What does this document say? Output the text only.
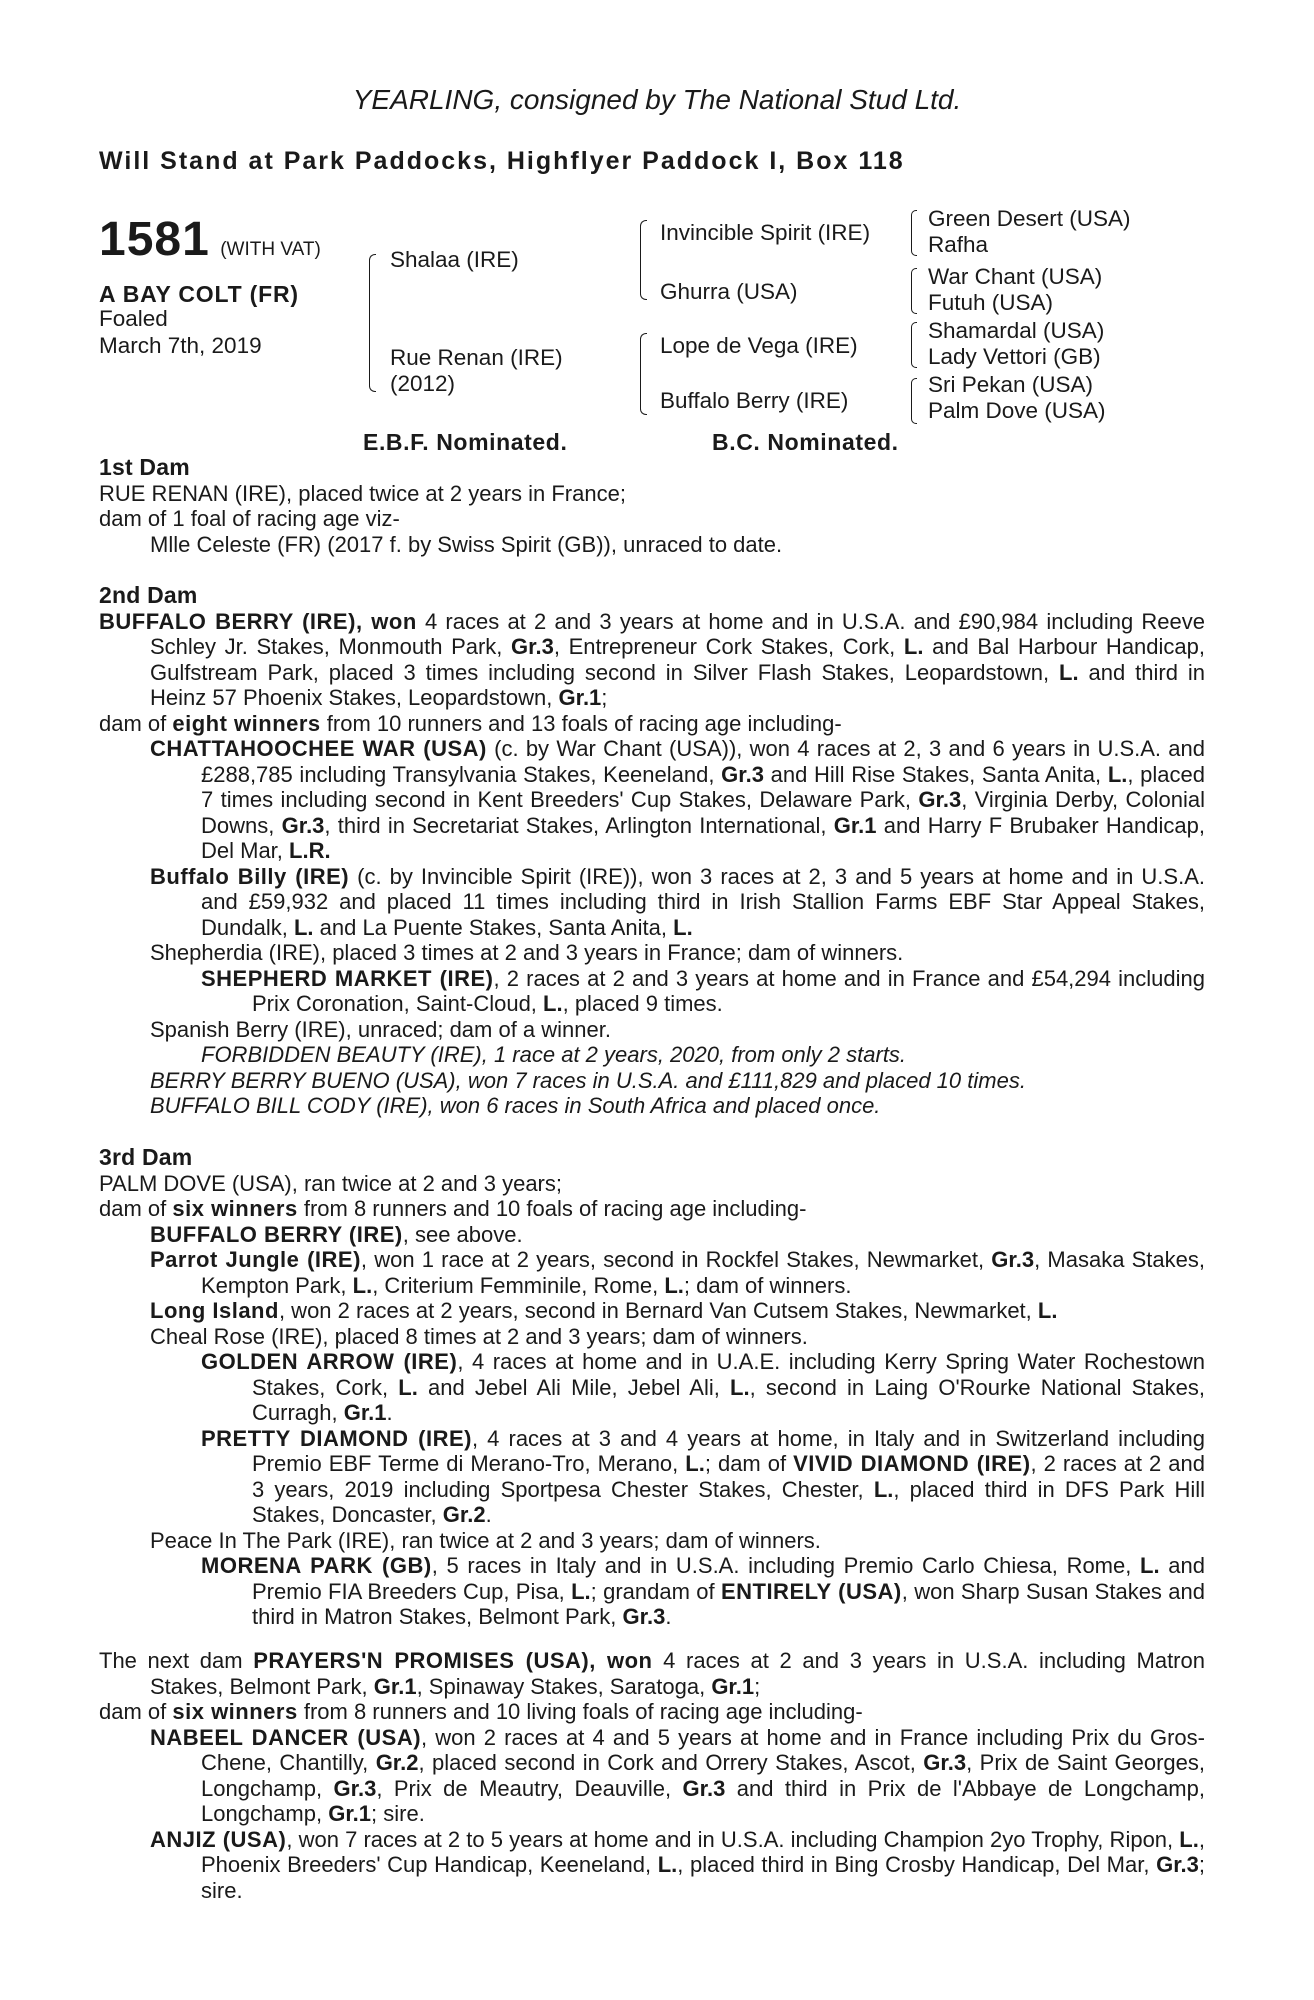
YEARLING, consigned by The National Stud Ltd.
Will Stand at Park Paddocks, Highflyer Paddock I, Box 118
1581 (WITH VAT)
A BAY COLT (FR)
Foaled
March 7th, 2019
Shalaa (IRE)
Rue Renan (IRE)
(2012)
Invincible Spirit (IRE)
Ghurra (USA)
Lope de Vega (IRE)
Buffalo Berry (IRE)
Green Desert (USA)
Rafha
War Chant (USA)
Futuh (USA)
Shamardal (USA)
Lady Vettori (GB)
Sri Pekan (USA)
Palm Dove (USA)
E.B.F. Nominated.	B.C. Nominated.

1st Dam

RUE RENAN (IRE), placed twice at 2 years in France;

dam of 1 foal of racing age viz-

Mlle Celeste (FR) (2017 f. by Swiss Spirit (GB)), unraced to date.

2nd Dam

BUFFALO BERRY (IRE), won 4 races at 2 and 3 years at home and in U.S.A. and £90,984 including Reeve Schley Jr. Stakes, Monmouth Park, Gr.3, Entrepreneur Cork Stakes, Cork, L. and Bal Harbour Handicap, Gulfstream Park, placed 3 times including second in Silver Flash Stakes, Leopardstown, L. and third in Heinz 57 Phoenix Stakes, Leopardstown, Gr.1;

dam of eight winners from 10 runners and 13 foals of racing age including-

CHATTAHOOCHEE WAR (USA) (c. by War Chant (USA)), won 4 races at 2, 3 and 6 years in U.S.A. and £288,785 including Transylvania Stakes, Keeneland, Gr.3 and Hill Rise Stakes, Santa Anita, L., placed 7 times including second in Kent Breeders' Cup Stakes, Delaware Park, Gr.3, Virginia Derby, Colonial Downs, Gr.3, third in Secretariat Stakes, Arlington International, Gr.1 and Harry F Brubaker Handicap, Del Mar, L.R.

Buffalo Billy (IRE) (c. by Invincible Spirit (IRE)), won 3 races at 2, 3 and 5 years at home and in U.S.A. and £59,932 and placed 11 times including third in Irish Stallion Farms EBF Star Appeal Stakes, Dundalk, L. and La Puente Stakes, Santa Anita, L.

Shepherdia (IRE), placed 3 times at 2 and 3 years in France; dam of winners.

SHEPHERD MARKET (IRE), 2 races at 2 and 3 years at home and in France and £54,294 including Prix Coronation, Saint-Cloud, L., placed 9 times.

Spanish Berry (IRE), unraced; dam of a winner.

FORBIDDEN BEAUTY (IRE), 1 race at 2 years, 2020, from only 2 starts.

BERRY BERRY BUENO (USA), won 7 races in U.S.A. and £111,829 and placed 10 times.

BUFFALO BILL CODY (IRE), won 6 races in South Africa and placed once.

3rd Dam

PALM DOVE (USA), ran twice at 2 and 3 years;

dam of six winners from 8 runners and 10 foals of racing age including-

BUFFALO BERRY (IRE), see above.

Parrot Jungle (IRE), won 1 race at 2 years, second in Rockfel Stakes, Newmarket, Gr.3, Masaka Stakes, Kempton Park, L., Criterium Femminile, Rome, L.; dam of winners.

Long Island, won 2 races at 2 years, second in Bernard Van Cutsem Stakes, Newmarket, L.

Cheal Rose (IRE), placed 8 times at 2 and 3 years; dam of winners.

GOLDEN ARROW (IRE), 4 races at home and in U.A.E. including Kerry Spring Water Rochestown Stakes, Cork, L. and Jebel Ali Mile, Jebel Ali, L., second in Laing O'Rourke National Stakes, Curragh, Gr.1.

PRETTY DIAMOND (IRE), 4 races at 3 and 4 years at home, in Italy and in Switzerland including Premio EBF Terme di Merano-Tro, Merano, L.; dam of VIVID DIAMOND (IRE), 2 races at 2 and 3 years, 2019 including Sportpesa Chester Stakes, Chester, L., placed third in DFS Park Hill Stakes, Doncaster, Gr.2.

Peace In The Park (IRE), ran twice at 2 and 3 years; dam of winners.

MORENA PARK (GB), 5 races in Italy and in U.S.A. including Premio Carlo Chiesa, Rome, L. and Premio FIA Breeders Cup, Pisa, L.; grandam of ENTIRELY (USA), won Sharp Susan Stakes and third in Matron Stakes, Belmont Park, Gr.3.

The next dam PRAYERS'N PROMISES (USA), won 4 races at 2 and 3 years in U.S.A. including Matron Stakes, Belmont Park, Gr.1, Spinaway Stakes, Saratoga, Gr.1;

dam of six winners from 8 runners and 10 living foals of racing age including-

NABEEL DANCER (USA), won 2 races at 4 and 5 years at home and in France including Prix du Gros-Chene, Chantilly, Gr.2, placed second in Cork and Orrery Stakes, Ascot, Gr.3, Prix de Saint Georges, Longchamp, Gr.3, Prix de Meautry, Deauville, Gr.3 and third in Prix de l'Abbaye de Longchamp, Longchamp, Gr.1; sire.

ANJIZ (USA), won 7 races at 2 to 5 years at home and in U.S.A. including Champion 2yo Trophy, Ripon, L., Phoenix Breeders' Cup Handicap, Keeneland, L., placed third in Bing Crosby Handicap, Del Mar, Gr.3; sire.
